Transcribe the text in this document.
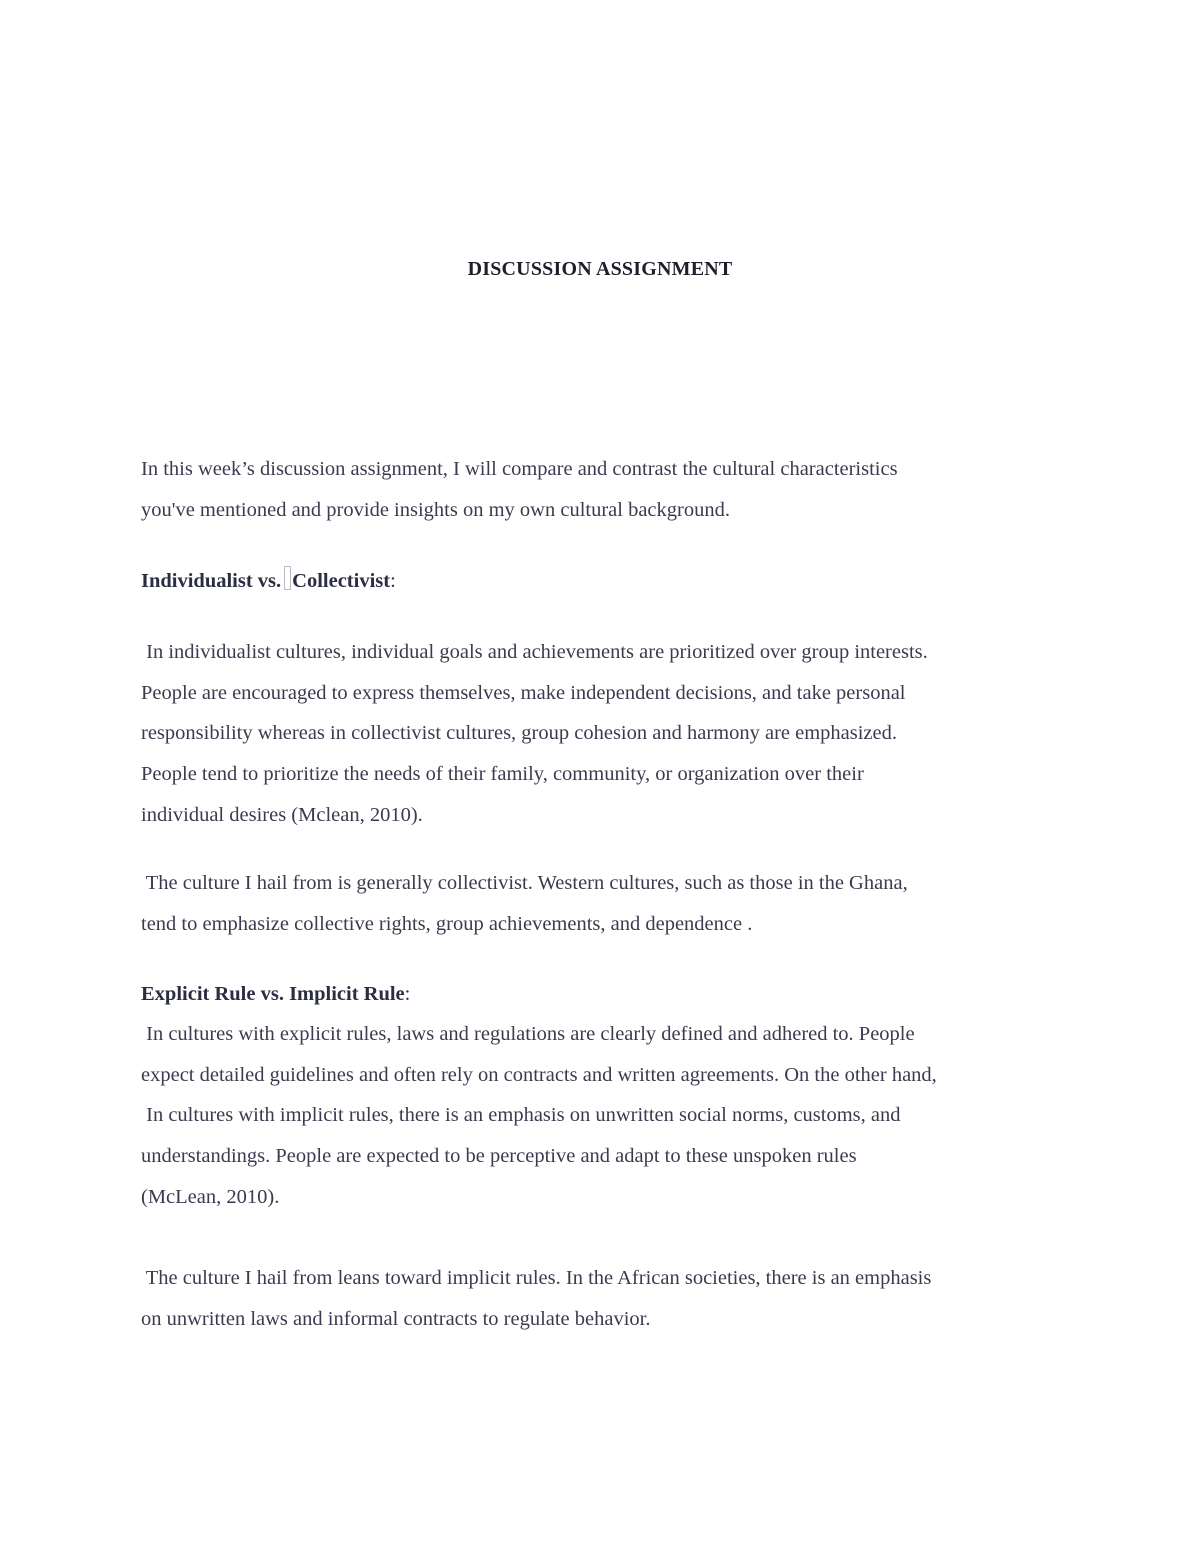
DISCUSSION ASSIGNMENT
In this week’s discussion assignment, I will compare and contrast the cultural characteristics
you've mentioned and provide insights on my own cultural background.
Individualist vs. Collectivist:
In individualist cultures, individual goals and achievements are prioritized over group interests.
People are encouraged to express themselves, make independent decisions, and take personal
responsibility whereas in collectivist cultures, group cohesion and harmony are emphasized.
People tend to prioritize the needs of their family, community, or organization over their
individual desires (Mclean, 2010).
The culture I hail from is generally collectivist. Western cultures, such as those in the Ghana,
tend to emphasize collective rights, group achievements, and dependence .
Explicit Rule vs. Implicit Rule:
In cultures with explicit rules, laws and regulations are clearly defined and adhered to. People
expect detailed guidelines and often rely on contracts and written agreements. On the other hand,
In cultures with implicit rules, there is an emphasis on unwritten social norms, customs, and
understandings. People are expected to be perceptive and adapt to these unspoken rules
(McLean, 2010).
The culture I hail from leans toward implicit rules. In the African societies, there is an emphasis
on unwritten laws and informal contracts to regulate behavior.
